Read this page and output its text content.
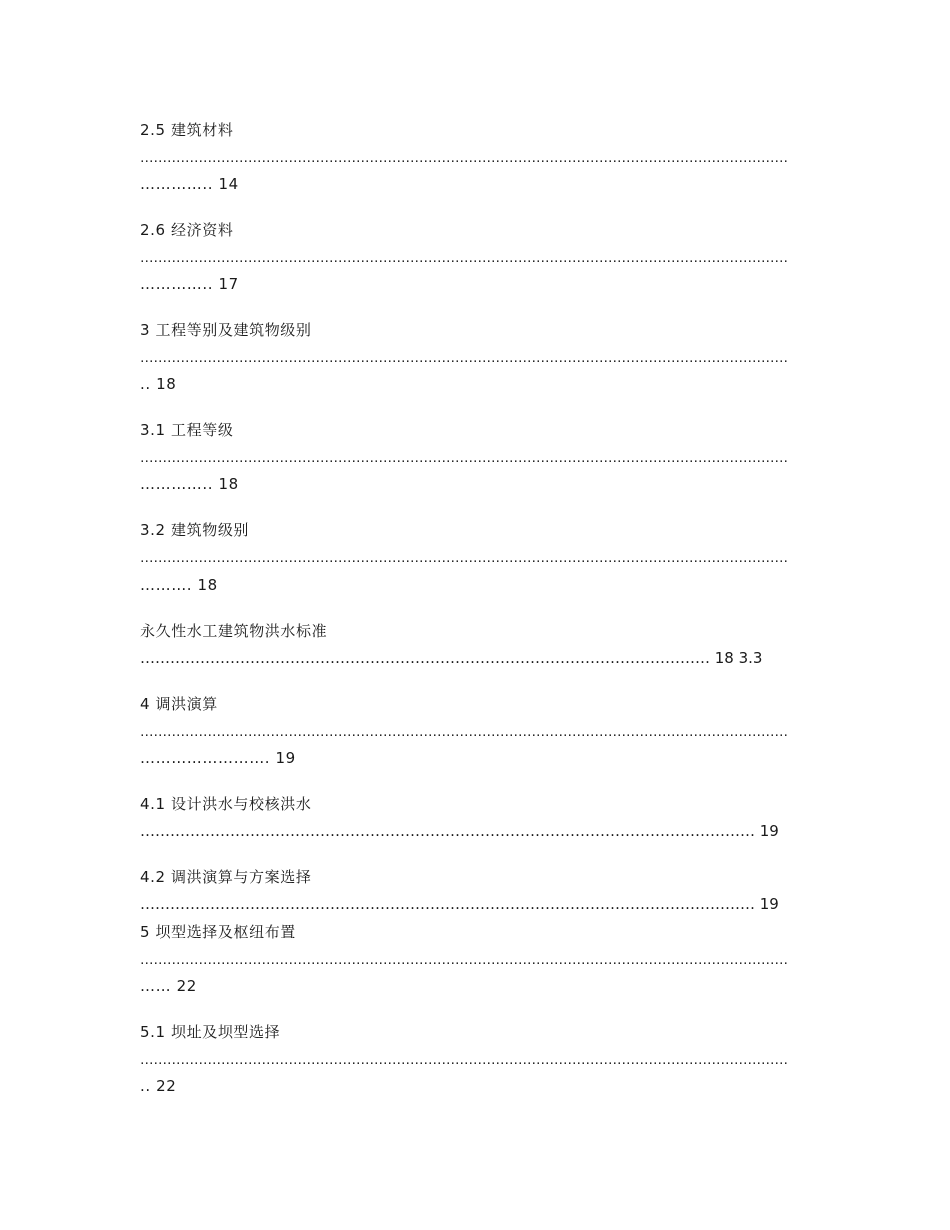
2.5 建筑材料
………………………………………………………………………………………………………………………………
………….. 14
2.6 经济资料
………………………………………………………………………………………………………………………………
………….. 17
3 工程等别及建筑物级别
………………………………………………………………………………………………………………………………
.. 18
3.1 工程等级
………………………………………………………………………………………………………………………………
………….. 18
3.2 建筑物级别
………………………………………………………………………………………………………………………………
………. 18
永久性水工建筑物洪水标准
…………………………………………………………………………………………………… 18 3.3
4 调洪演算
………………………………………………………………………………………………………………………………
……………………. 19
4.1 设计洪水与校核洪水
…………………………………………………………………………………………………………… 19
4.2 调洪演算与方案选择
…………………………………………………………………………………………………………… 19
5 坝型选择及枢纽布置
………………………………………………………………………………………………………………………………
…… 22
5.1 坝址及坝型选择
………………………………………………………………………………………………………………………………
.. 22
